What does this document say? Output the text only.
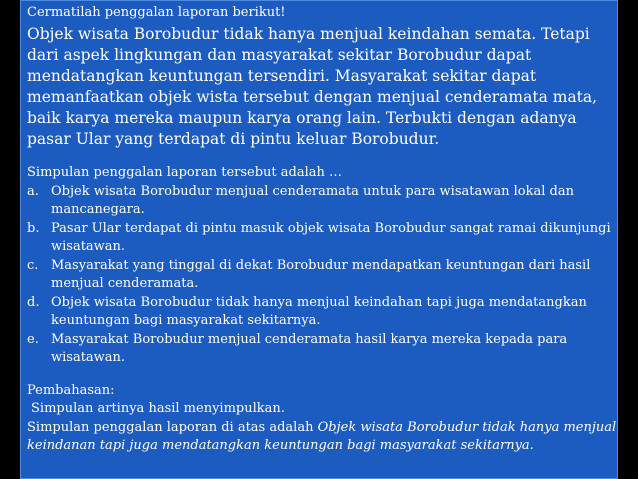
Cermatilah penggalan laporan berikut!

Objek wisata Borobudur tidak hanya menjual keindahan semata. Tetapi dari aspek lingkungan dan masyarakat sekitar Borobudur dapat mendatangkan keuntungan tersendiri. Masyarakat sekitar dapat memanfaatkan objek wista tersebut dengan menjual cenderamata mata, baik karya mereka maupun karya orang lain. Terbukti dengan adanya pasar Ular yang terdapat di pintu keluar Borobudur.

Simpulan penggalan laporan tersebut adalah …

a. Objek wisata Borobudur menjual cenderamata untuk para wisatawan lokal dan mancanegara.
b. Pasar Ular terdapat di pintu masuk objek wisata Borobudur sangat ramai dikunjungi wisatawan.
c. Masyarakat yang tinggal di dekat Borobudur mendapatkan keuntungan dari hasil menjual cenderamata.
d. Objek wisata Borobudur tidak hanya menjual keindahan tapi juga mendatangkan keuntungan bagi masyarakat sekitarnya.
e. Masyarakat Borobudur menjual cenderamata hasil karya mereka kepada para wisatawan.

Pembahasan:

Simpulan artinya hasil menyimpulkan.

Simpulan penggalan laporan di atas adalah Objek wisata Borobudur tidak hanya menjual keindanan tapi juga mendatangkan keuntungan bagi masyarakat sekitarnya.
